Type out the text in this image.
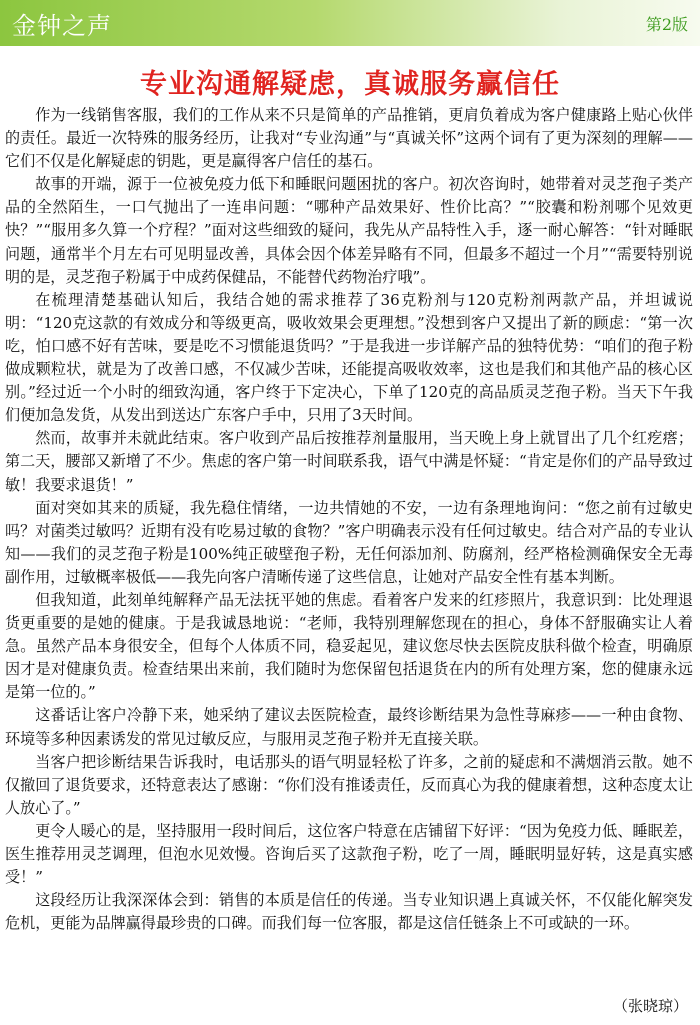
金钟之声	第2版
专业沟通解疑虑，真诚服务赢信任

作为一线销售客服，我们的工作从来不只是简单的产品推销，更肩负着成为客户健康路上贴心伙伴的责任。最近一次特殊的服务经历，让我对“专业沟通”与“真诚关怀”这两个词有了更为深刻的理解——它们不仅是化解疑虑的钥匙，更是赢得客户信任的基石。

故事的开端，源于一位被免疫力低下和睡眠问题困扰的客户。初次咨询时，她带着对灵芝孢子类产品的全然陌生，一口气抛出了一连串问题：“哪种产品效果好、性价比高？”“胶囊和粉剂哪个见效更快？”“服用多久算一个疗程？”面对这些细致的疑问，我先从产品特性入手，逐一耐心解答：“针对睡眠问题，通常半个月左右可见明显改善，具体会因个体差异略有不同，但最多不超过一个月”“需要特别说明的是，灵芝孢子粉属于中成药保健品，不能替代药物治疗哦”。

在梳理清楚基础认知后，我结合她的需求推荐了36克粉剂与120克粉剂两款产品，并坦诚说明：“120克这款的有效成分和等级更高，吸收效果会更理想。”没想到客户又提出了新的顾虑：“第一次吃，怕口感不好有苦味，要是吃不习惯能退货吗？”于是我进一步详解产品的独特优势：“咱们的孢子粉做成颗粒状，就是为了改善口感，不仅减少苦味，还能提高吸收效率，这也是我们和其他产品的核心区别。”经过近一个小时的细致沟通，客户终于下定决心，下单了120克的高品质灵芝孢子粉。当天下午我们便加急发货，从发出到送达广东客户手中，只用了3天时间。

然而，故事并未就此结束。客户收到产品后按推荐剂量服用，当天晚上身上就冒出了几个红疙瘩；第二天，腰部又新增了不少。焦虑的客户第一时间联系我，语气中满是怀疑：“肯定是你们的产品导致过敏！我要求退货！”

面对突如其来的质疑，我先稳住情绪，一边共情她的不安，一边有条理地询问：“您之前有过敏史吗？对菌类过敏吗？近期有没有吃易过敏的食物？”客户明确表示没有任何过敏史。结合对产品的专业认知——我们的灵芝孢子粉是100%纯正破壁孢子粉，无任何添加剂、防腐剂，经严格检测确保安全无毒副作用，过敏概率极低——我先向客户清晰传递了这些信息，让她对产品安全性有基本判断。

但我知道，此刻单纯解释产品无法抚平她的焦虑。看着客户发来的红疹照片，我意识到：比处理退货更重要的是她的健康。于是我诚恳地说：“老师，我特别理解您现在的担心，身体不舒服确实让人着急。虽然产品本身很安全，但每个人体质不同，稳妥起见，建议您尽快去医院皮肤科做个检查，明确原因才是对健康负责。检查结果出来前，我们随时为您保留包括退货在内的所有处理方案，您的健康永远是第一位的。”

这番话让客户冷静下来，她采纳了建议去医院检查，最终诊断结果为急性荨麻疹——一种由食物、环境等多种因素诱发的常见过敏反应，与服用灵芝孢子粉并无直接关联。

当客户把诊断结果告诉我时，电话那头的语气明显轻松了许多，之前的疑虑和不满烟消云散。她不仅撤回了退货要求，还特意表达了感谢：“你们没有推诿责任，反而真心为我的健康着想，这种态度太让人放心了。”

更令人暖心的是，坚持服用一段时间后，这位客户特意在店铺留下好评：“因为免疫力低、睡眠差，医生推荐用灵芝调理，但泡水见效慢。咨询后买了这款孢子粉，吃了一周，睡眠明显好转，这是真实感受！”

这段经历让我深深体会到：销售的本质是信任的传递。当专业知识遇上真诚关怀，不仅能化解突发危机，更能为品牌赢得最珍贵的口碑。而我们每一位客服，都是这信任链条上不可或缺的一环。

（张晓琼）
